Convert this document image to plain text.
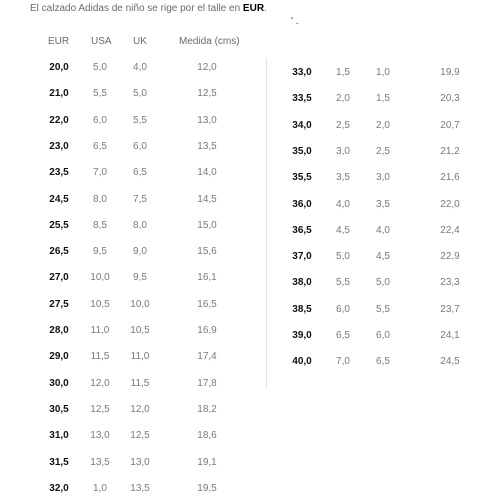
El calzado Adidas de niño se rige por el talle en EUR.
' .
EUR USA UK	Medida (cms)
20,0	5,0	4,0	12,0
21,0	5,5	5,0	12,5
22,0	6,0	5,5	13,0
23,0	6,5	6,0	13,5
23,5	7,0	6,5	14,0
24,5	8,0	7,5	14,5
25,5	8,5	8,0	15,0
26,5	9,5	9,0	15,6
27,0	10,0	9,5	16,1
27,5	10,5	10,0	16,5
28,0	11,0	10,5	16,9
29,0	11,5	11,0	17,4
30,0	12,0	11,5	17,8
30,5	12,5	12,0	18,2
31,0	13,0	12,5	18,6
31,5	13,5	13,0	19,1
32,0	1,0	13,5	19,5
33,0	1,5	1,0	19,9
33,5	2,0	1,5	20,3
34,0	2,5	2,0	20,7
35,0	3,0	2,5	21,2
35,5	3,5	3,0	21,6
36,0	4,0	3,5	22,0
36,5	4,5	4,0	22,4
37,0	5,0	4,5	22,9
38,0	5,5	5,0	23,3
38,5	6,0	5,5	23,7
39,0	6,5	6,0	24,1
40,0	7,0	6,5	24,5
